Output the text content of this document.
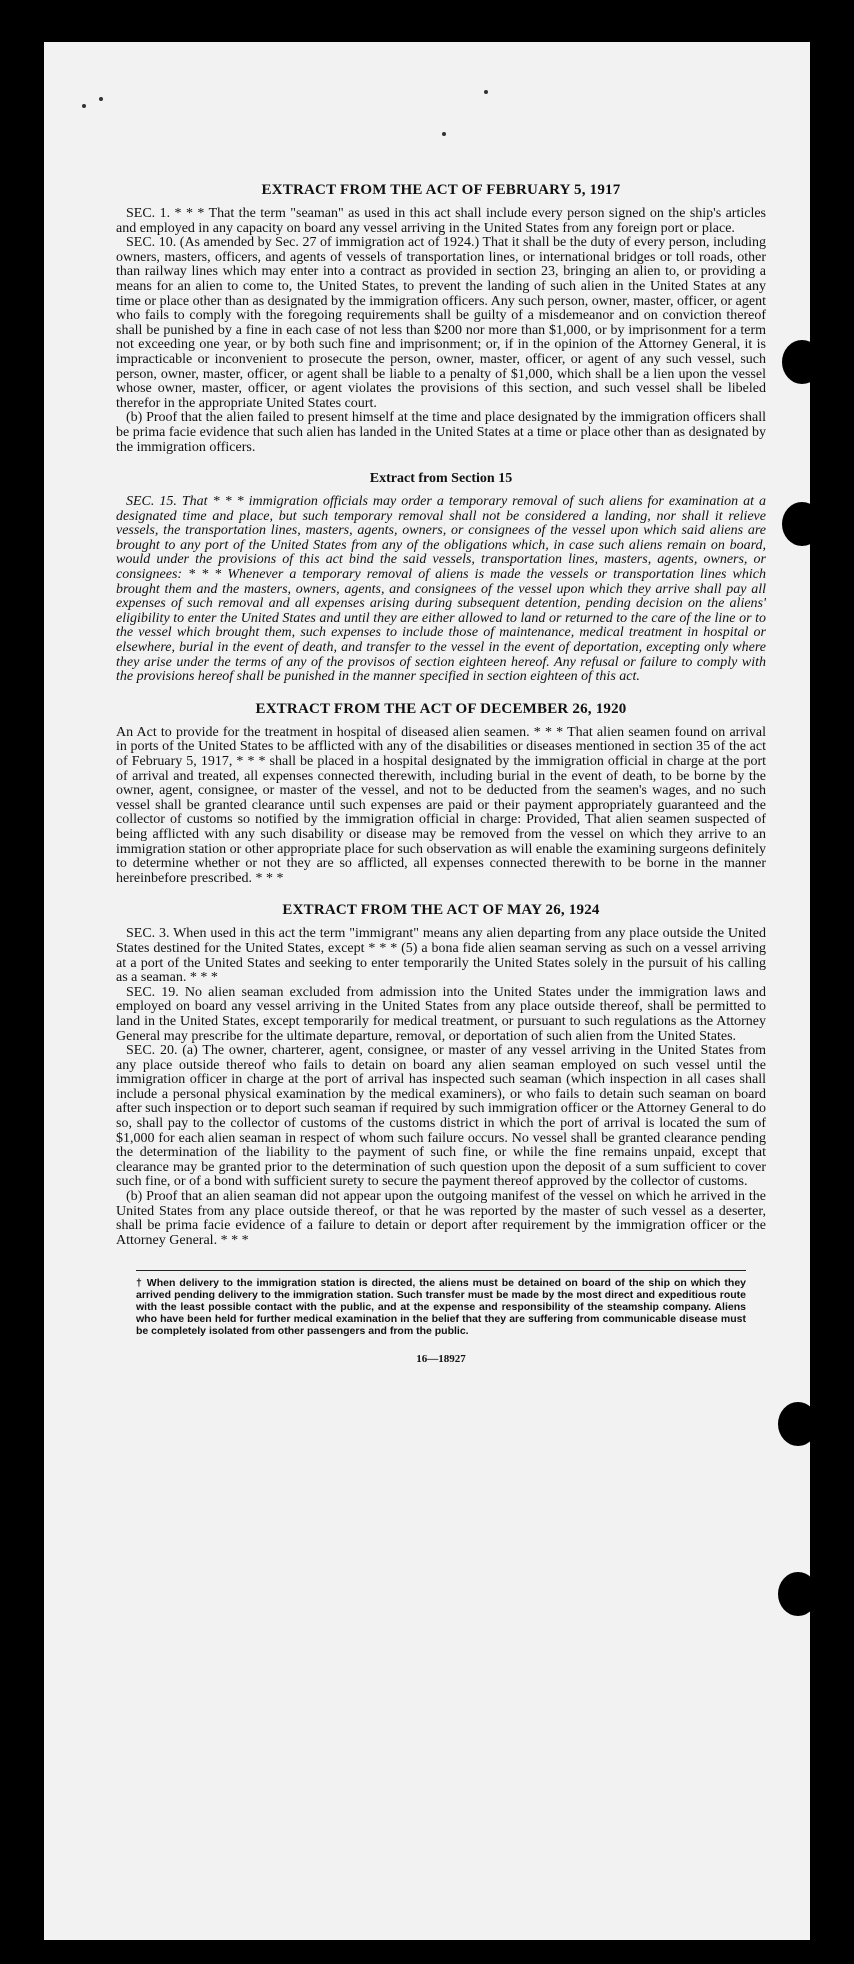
EXTRACT FROM THE ACT OF FEBRUARY 5, 1917

SEC. 1. * * * That the term "seaman" as used in this act shall include every person signed on the ship's articles and employed in any capacity on board any vessel arriving in the United States from any foreign port or place.

SEC. 10. (As amended by Sec. 27 of immigration act of 1924.) That it shall be the duty of every person, including owners, masters, officers, and agents of vessels of transportation lines, or international bridges or toll roads, other than railway lines which may enter into a contract as provided in section 23, bringing an alien to, or providing a means for an alien to come to, the United States, to prevent the landing of such alien in the United States at any time or place other than as designated by the immigration officers. Any such person, owner, master, officer, or agent who fails to comply with the foregoing requirements shall be guilty of a misdemeanor and on conviction thereof shall be punished by a fine in each case of not less than $200 nor more than $1,000, or by imprisonment for a term not exceeding one year, or by both such fine and imprisonment; or, if in the opinion of the Attorney General, it is impracticable or inconvenient to prosecute the person, owner, master, officer, or agent of any such vessel, such person, owner, master, officer, or agent shall be liable to a penalty of $1,000, which shall be a lien upon the vessel whose owner, master, officer, or agent violates the provisions of this section, and such vessel shall be libeled therefor in the appropriate United States court.

(b) Proof that the alien failed to present himself at the time and place designated by the immigration officers shall be prima facie evidence that such alien has landed in the United States at a time or place other than as designated by the immigration officers.

Extract from Section 15

SEC. 15. That * * * immigration officials may order a temporary removal of such aliens for examination at a designated time and place, but such temporary removal shall not be considered a landing, nor shall it relieve vessels, the transportation lines, masters, agents, owners, or consignees of the vessel upon which said aliens are brought to any port of the United States from any of the obligations which, in case such aliens remain on board, would under the provisions of this act bind the said vessels, transportation lines, masters, agents, owners, or consignees: * * * Whenever a temporary removal of aliens is made the vessels or transportation lines which brought them and the masters, owners, agents, and consignees of the vessel upon which they arrive shall pay all expenses of such removal and all expenses arising during subsequent detention, pending decision on the aliens' eligibility to enter the United States and until they are either allowed to land or returned to the care of the line or to the vessel which brought them, such expenses to include those of maintenance, medical treatment in hospital or elsewhere, burial in the event of death, and transfer to the vessel in the event of deportation, excepting only where they arise under the terms of any of the provisos of section eighteen hereof. Any refusal or failure to comply with the provisions hereof shall be punished in the manner specified in section eighteen of this act.

EXTRACT FROM THE ACT OF DECEMBER 26, 1920

An Act to provide for the treatment in hospital of diseased alien seamen. * * * That alien seamen found on arrival in ports of the United States to be afflicted with any of the disabilities or diseases mentioned in section 35 of the act of February 5, 1917, * * * shall be placed in a hospital designated by the immigration official in charge at the port of arrival and treated, all expenses connected therewith, including burial in the event of death, to be borne by the owner, agent, consignee, or master of the vessel, and not to be deducted from the seamen's wages, and no such vessel shall be granted clearance until such expenses are paid or their payment appropriately guaranteed and the collector of customs so notified by the immigration official in charge: Provided, That alien seamen suspected of being afflicted with any such disability or disease may be removed from the vessel on which they arrive to an immigration station or other appropriate place for such observation as will enable the examining surgeons definitely to determine whether or not they are so afflicted, all expenses connected therewith to be borne in the manner hereinbefore prescribed. * * *

EXTRACT FROM THE ACT OF MAY 26, 1924

SEC. 3. When used in this act the term "immigrant" means any alien departing from any place outside the United States destined for the United States, except * * * (5) a bona fide alien seaman serving as such on a vessel arriving at a port of the United States and seeking to enter temporarily the United States solely in the pursuit of his calling as a seaman. * * *

SEC. 19. No alien seaman excluded from admission into the United States under the immigration laws and employed on board any vessel arriving in the United States from any place outside thereof, shall be permitted to land in the United States, except temporarily for medical treatment, or pursuant to such regulations as the Attorney General may prescribe for the ultimate departure, removal, or deportation of such alien from the United States.

SEC. 20. (a) The owner, charterer, agent, consignee, or master of any vessel arriving in the United States from any place outside thereof who fails to detain on board any alien seaman employed on such vessel until the immigration officer in charge at the port of arrival has inspected such seaman (which inspection in all cases shall include a personal physical examination by the medical examiners), or who fails to detain such seaman on board after such inspection or to deport such seaman if required by such immigration officer or the Attorney General to do so, shall pay to the collector of customs of the customs district in which the port of arrival is located the sum of $1,000 for each alien seaman in respect of whom such failure occurs. No vessel shall be granted clearance pending the determination of the liability to the payment of such fine, or while the fine remains unpaid, except that clearance may be granted prior to the determination of such question upon the deposit of a sum sufficient to cover such fine, or of a bond with sufficient surety to secure the payment thereof approved by the collector of customs.

(b) Proof that an alien seaman did not appear upon the outgoing manifest of the vessel on which he arrived in the United States from any place outside thereof, or that he was reported by the master of such vessel as a deserter, shall be prima facie evidence of a failure to detain or deport after requirement by the immigration officer or the Attorney General. * * *

† When delivery to the immigration station is directed, the aliens must be detained on board of the ship on which they arrived pending delivery to the immigration station. Such transfer must be made by the most direct and expeditious route with the least possible contact with the public, and at the expense and responsibility of the steamship company. Aliens who have been held for further medical examination in the belief that they are suffering from communicable disease must be completely isolated from other passengers and from the public.

16—18927
